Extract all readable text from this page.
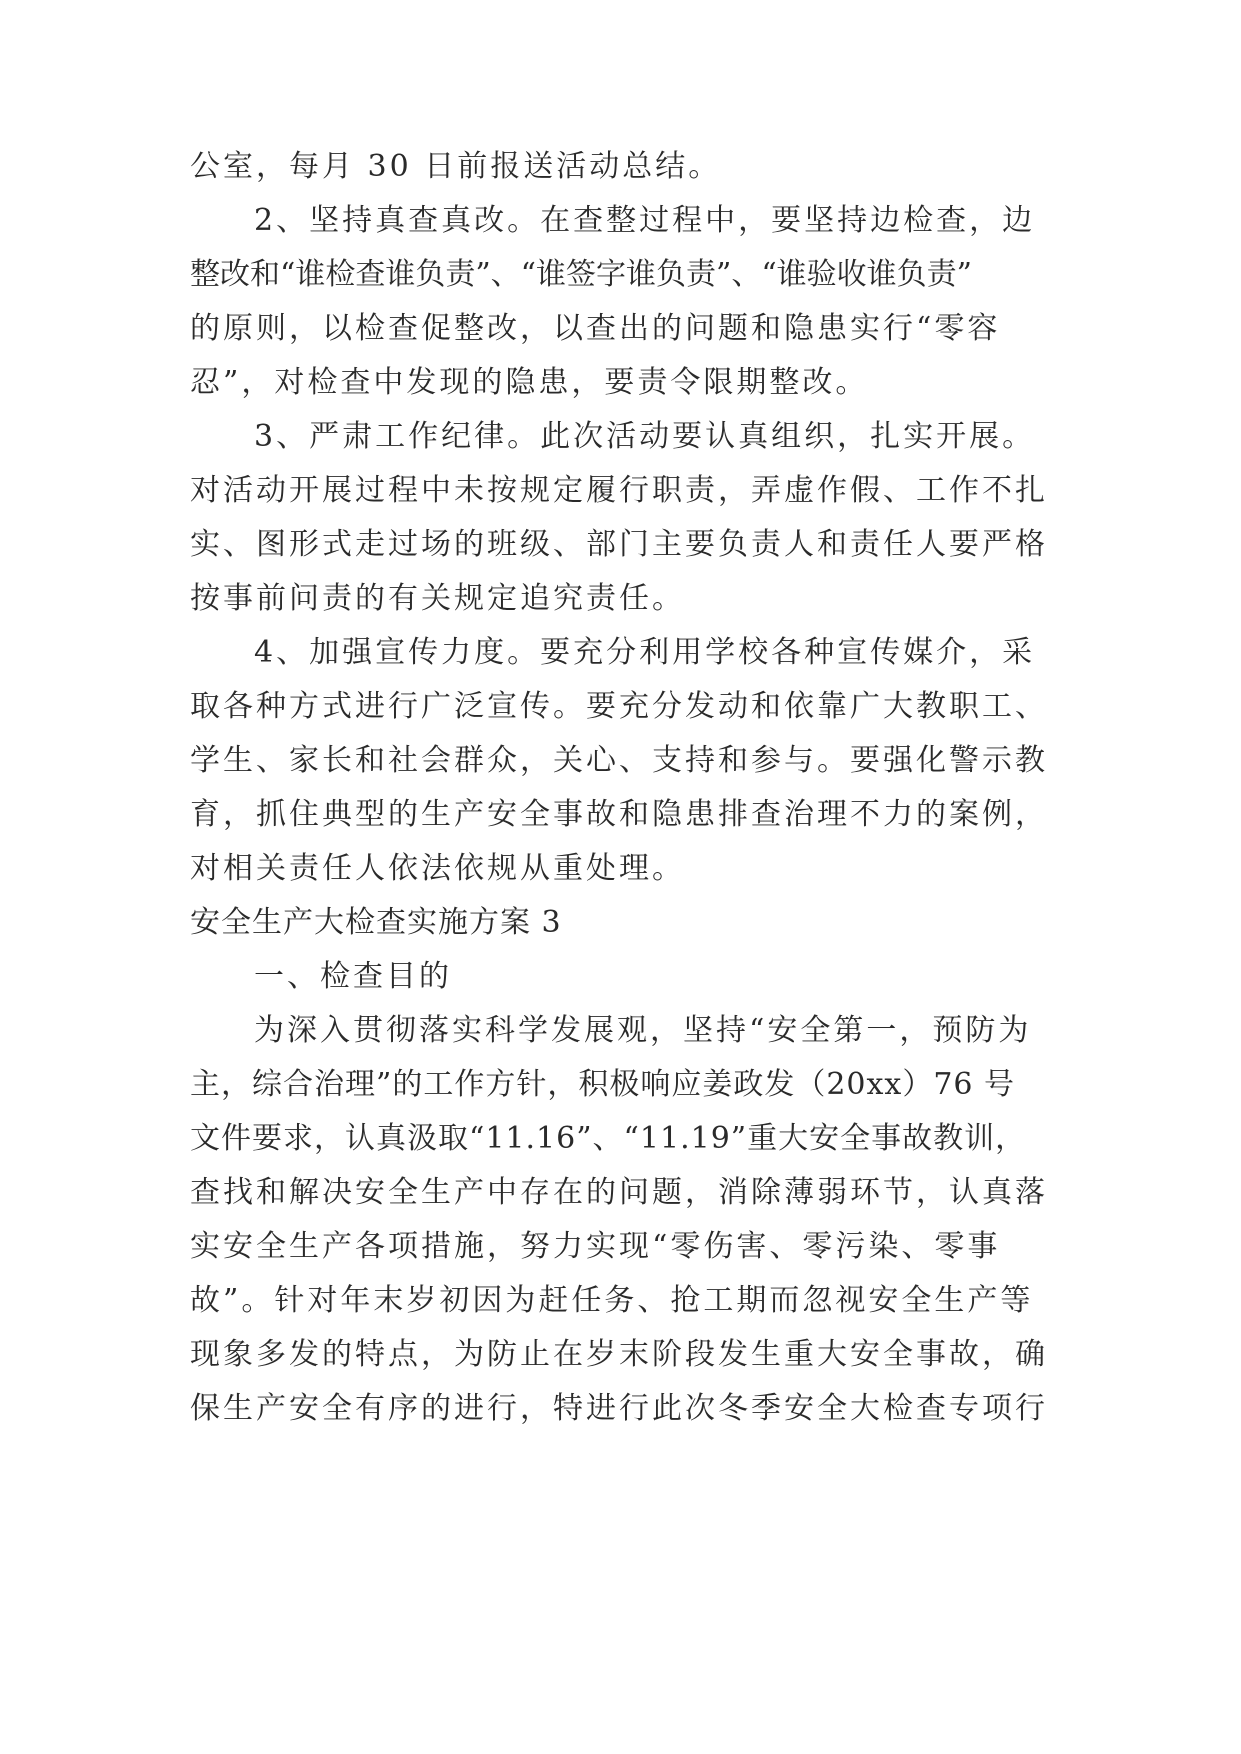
公室，每月 30 日前报送活动总结。
2、坚持真查真改。在查整过程中，要坚持边检查，边
整改和“谁检查谁负责”、“谁签字谁负责”、“谁验收谁负责”
的原则，以检查促整改，以查出的问题和隐患实行“零容
忍”，对检查中发现的隐患，要责令限期整改。
3、严肃工作纪律。此次活动要认真组织，扎实开展。
对活动开展过程中未按规定履行职责，弄虚作假、工作不扎
实、图形式走过场的班级、部门主要负责人和责任人要严格
按事前问责的有关规定追究责任。
4、加强宣传力度。要充分利用学校各种宣传媒介，采
取各种方式进行广泛宣传。要充分发动和依靠广大教职工、
学生、家长和社会群众，关心、支持和参与。要强化警示教
育，抓住典型的生产安全事故和隐患排查治理不力的案例，
对相关责任人依法依规从重处理。
安全生产大检查实施方案 3
一、检查目的
为深入贯彻落实科学发展观，坚持“安全第一，预防为
主，综合治理”的工作方针，积极响应姜政发（20xx）76 号
文件要求，认真汲取“11.16”、“11.19”重大安全事故教训，
查找和解决安全生产中存在的问题，消除薄弱环节，认真落
实安全生产各项措施，努力实现“零伤害、零污染、零事
故”。针对年末岁初因为赶任务、抢工期而忽视安全生产等
现象多发的特点，为防止在岁末阶段发生重大安全事故，确
保生产安全有序的进行，特进行此次冬季安全大检查专项行
